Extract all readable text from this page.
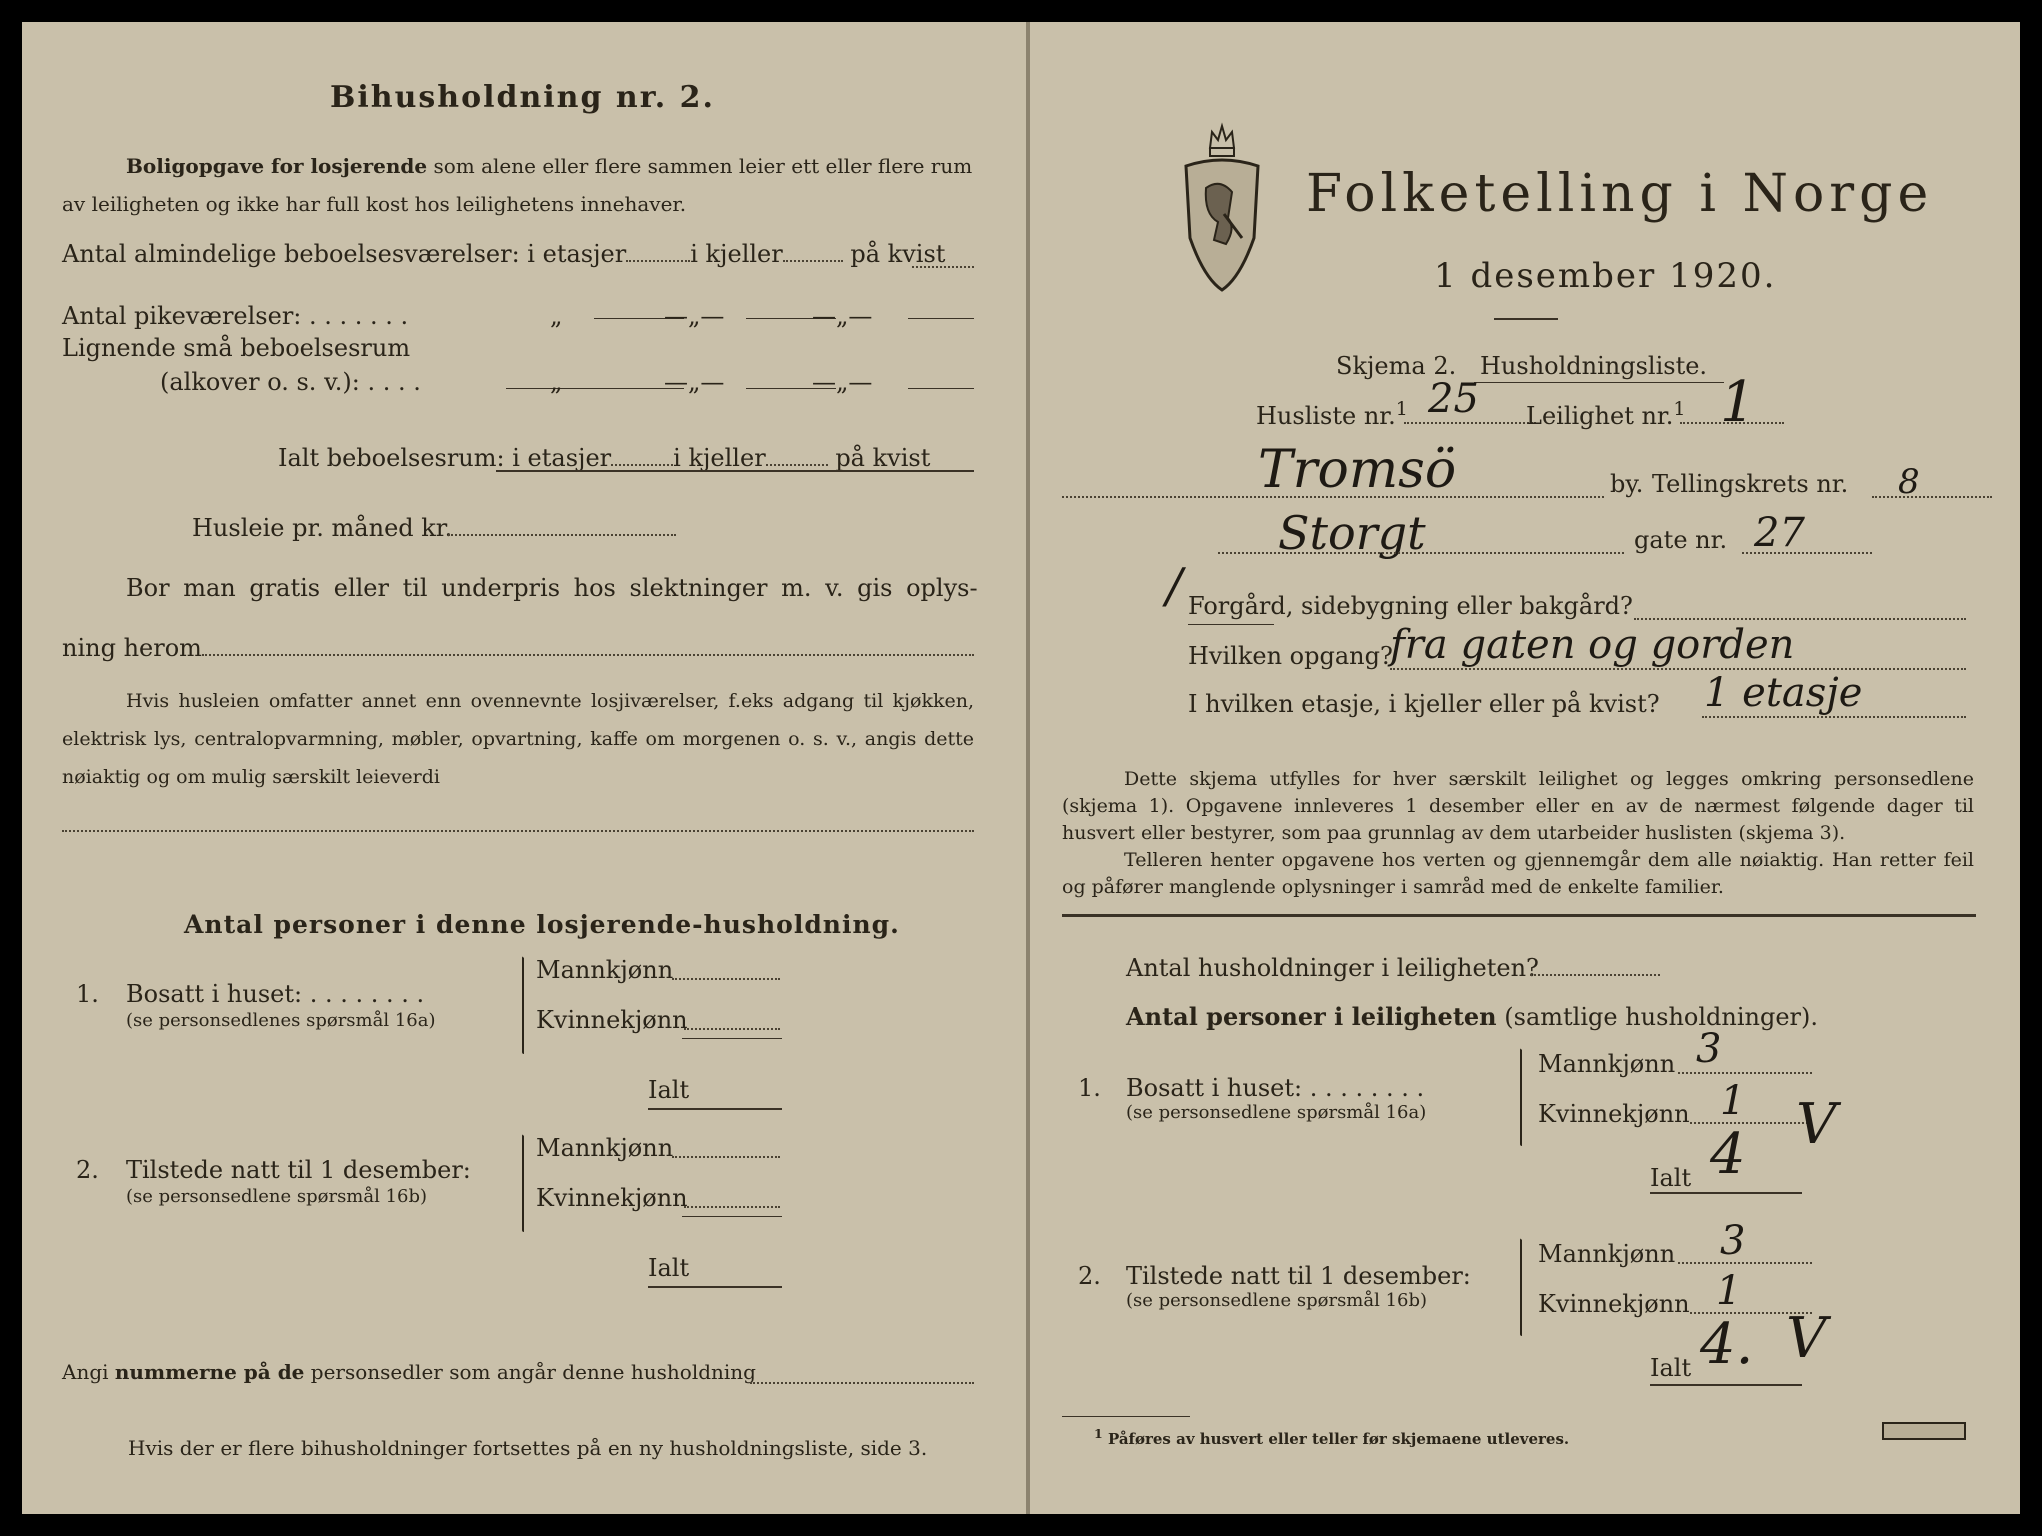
Bihusholdning nr. 2.
Boligopgave for losjerende som alene eller flere sammen leier ett eller flere rum
av leiligheten og ikke har full kost hos leilighetens innehaver.
Antal almindelige beboelsesværelser: i etasjer	i kjeller	på kvist
Antal pikeværelser: . . . . . . .	„	—„—	—„—
Lignende små beboelsesrum
(alkover o. s. v.): . . . .	„	—„—	—„—
Ialt beboelsesrum: i etasjer	i kjeller	på kvist
Husleie pr. måned kr.
Bor man gratis eller til underpris hos slektninger m. v. gis oplys-
ning herom
Hvis husleien omfatter annet enn ovennevnte losjiværelser, f.eks adgang til kjøkken, elektrisk lys, centralopvarmning, møbler, opvartning, kaffe om morgenen o. s. v., angis dette nøiaktig og om mulig særskilt leieverdi
Antal personer i denne losjerende-husholdning.
1. Bosatt i huset: . . . . . . . .
(se personsedlenes spørsmål 16a)
Mannkjønn
Kvinnekjønn
Ialt
2. Tilstede natt til 1 desember:
(se personsedlene spørsmål 16b)
Mannkjønn
Kvinnekjønn
Ialt
Angi nummerne på de personsedler som angår denne husholdning
Hvis der er flere bihusholdninger fortsettes på en ny husholdningsliste, side 3.
Folketelling i Norge
1 desember 1920.
Skjema 2. Husholdningsliste.
Husliste nr.$^1$ 25 Leilighet nr.$^1$ 1
Tromsö	by. Tellingskrets nr. 8
Storgt	gate nr. 27
/ Forgård, sidebygning eller bakgård?
Hvilken opgang?
fra gaten og gorden
I hvilken etasje, i kjeller eller på kvist? 1 etasje
Dette skjema utfylles for hver særskilt leilighet og legges omkring personsedlene (skjema 1). Opgavene innleveres 1 desember eller en av de nærmest følgende dager til husvert eller bestyrer, som paa grunnlag av dem utarbeider huslisten (skjema 3).
Telleren henter opgavene hos verten og gjennemgår dem alle nøiaktig. Han retter feil og påfører manglende oplysninger i samråd med de enkelte familier.
Antal husholdninger i leiligheten?
Antal personer i leiligheten (samtlige husholdninger).
1. Bosatt i huset: . . . . . . . .
(se personsedlene spørsmål 16a)
Mannkjønn 3
Kvinnekjønn 1 V
Ialt 4
2. Tilstede natt til 1 desember:
(se personsedlene spørsmål 16b)
Mannkjønn 3
Kvinnekjønn 1
Ialt 4. V
$^1$ Påføres av husvert eller teller før skjemaene utleveres.
